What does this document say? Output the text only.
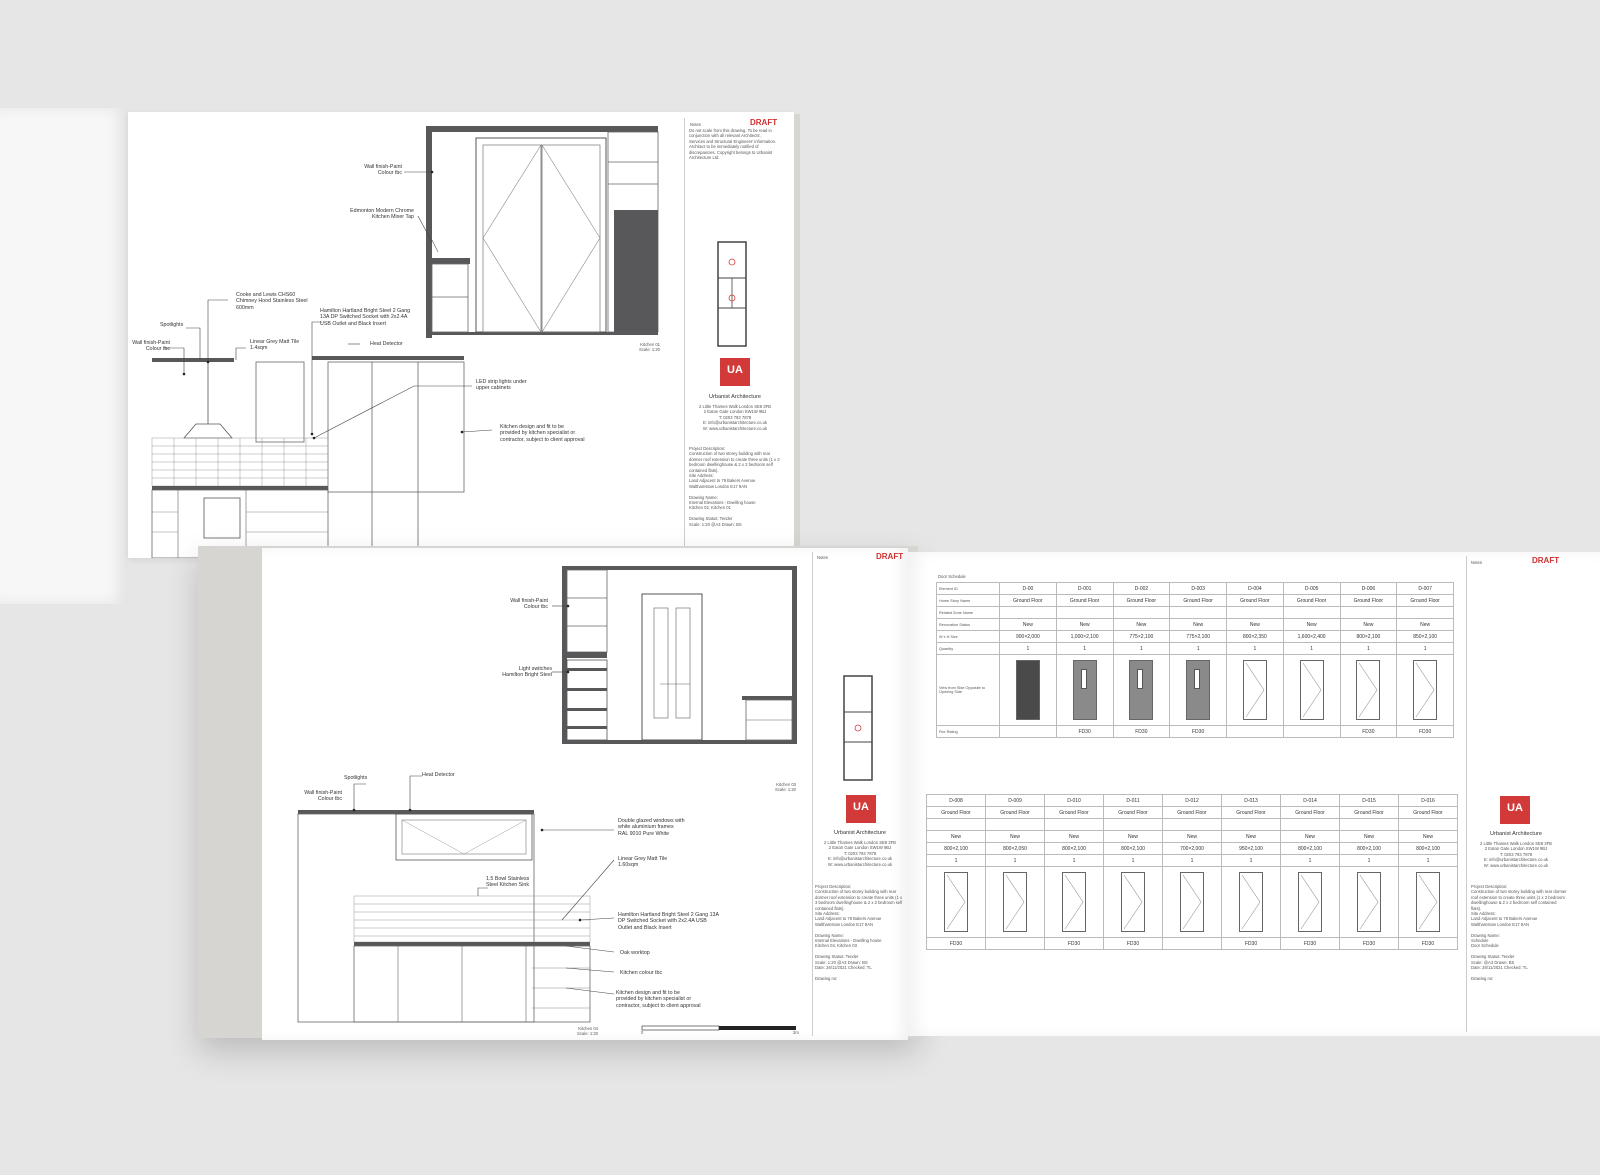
Wall finish-Paint
Colour tbc
Edmonton Modern Chrome
Kitchen Mixer Tap
Cooke and Lewis CHS60
Chimney Hood Stainless Steel
600mm
Hamilton Hartland Bright Steel 2 Gang
13A DP Switched Socket with 2x2.4A
USB Outlet and Black Insert
Spotlights
Wall finish-Paint
Colour tbc
Linear Grey Matt Tile
1.4sqm
Heat Detector
LED strip lights under
upper cabinets
Kitchen design and fit to be
provided by kitchen specialist or
contractor, subject to client approval
Kitchen 01
Scale: 1:20
Notes	DRAFT
Do not scale from this drawing. To be read in conjunction with all relevant Architects', Services and Structural Engineers' information. Architect to be immediately notified of discrepancies. Copyright belongs to Urbanist Architecture Ltd.
UA
Urbanist Architecture
2 Little Thames Walk London SE8 3FB
2 Eaton Gate London SW1W 9BJ
T: 0203 793 7878
E: info@urbanistarchitecture.co.uk
W: www.urbanistarchitecture.co.uk
Project Description:
Construction of two storey building with rear dormer roof extension to create three units (1 x 3 bedroom dwellinghouse & 2 x 2 bedroom self contained flats).
Site Address:
Land Adjacent to 79 Bakers Avenue
Walthamstow London E17 9AN

Drawing Name:
Internal Elevations - Dwelling house
Kitchen 02, Kitchen 01

Drawing Status: Tender
Scale: 1:20 @A3 Drawn: BS
Wall finish-Paint
Colour tbc
Light switches
Hamilton Bright Steel
Spotlights	Heat Detector
Wall finish-Paint
Colour tbc
Double glazed windows with
white aluminium frames
RAL 9010 Pure White
Linear Grey Matt Tile
1.60sqm
1.5 Bowl Stainless
Steel Kitchen Sink
Hamilton Hartland Bright Steel 2 Gang 13A
DP Switched Socket with 2x2.4A USB
Outlet and Black Insert
Oak worktop
Kitchen colour tbc
Kitchen design and fit to be
provided by kitchen specialist or
contractor, subject to client approval
Kitchen 03
Scale: 1:20
Kitchen 04
Scale: 1:20	0	2m
Notes	DRAFT
UA
Urbanist Architecture
2 Little Thames Walk London SE8 3FB
2 Eaton Gate London SW1W 9BJ
T: 0203 793 7878
E: info@urbanistarchitecture.co.uk
W: www.urbanistarchitecture.co.uk
Project Description:
Construction of two storey building with rear dormer roof extension to create three units (1 x 3 bedroom dwellinghouse & 2 x 2 bedroom self contained flats).
Site Address:
Land Adjacent to 79 Bakers Avenue
Walthamstow London E17 9AN

Drawing Name:
Internal Elevations - Dwelling house
Kitchen 04, Kitchen 03

Drawing Status: Tender
Scale: 1:20 @A3 Drawn: BS
Date: 26/11/2021 Checked: TL

Drawing no:
Door Schedule
Element ID	D-00	D-001	D-002	D-003	D-004	D-005	D-006	D-007
Home Story Name	Ground Floor	Ground Floor	Ground Floor	Ground Floor	Ground Floor	Ground Floor	Ground Floor	Ground Floor
Related Zone Name								
Renovation Status	New	New	New	New	New	New	New	New
W x H Size	900×2,000	1,000×2,100	775×2,100	775×2,100	800×2,350	1,600×2,400	800×2,100	850×2,100
Quantity	1	1	1	1	1	1	1	1
View from Side Opposite to Opening Side	

Fire Rating		FD30	FD30	FD30			FD30	FD30
D-008	D-009	D-010	D-011	D-012	D-013	D-014	D-015	D-016
Ground Floor	Ground Floor	Ground Floor	Ground Floor	Ground Floor	Ground Floor	Ground Floor	Ground Floor	Ground Floor

New	New	New	New	New	New	New	New	New
800×2,100	800×2,050	800×2,100	800×2,100	700×2,000	950×2,100	800×2,100	800×2,100	800×2,100
1	1	1	1	1	1	1	1	1

FD30		FD30	FD30		FD30	FD30	FD30	FD30
Notes	DRAFT
UA
Urbanist Architecture
2 Little Thames Walk London SE8 3FB
2 Eaton Gate London SW1W 9BJ
T: 0203 793 7878
E: info@urbanistarchitecture.co.uk
W: www.urbanistarchitecture.co.uk
Project Description:
Construction of two storey building with rear dormer roof extension to create three units (1 x 3 bedroom dwellinghouse & 2 x 2 bedroom self contained flats).
Site Address:
Land Adjacent to 79 Bakers Avenue
Walthamstow London E17 9AN

Drawing Name:
Schedule
Door Schedule

Drawing Status: Tender
Scale: @A3 Drawn: BS
Date: 26/11/2021 Checked: TL

Drawing no:
